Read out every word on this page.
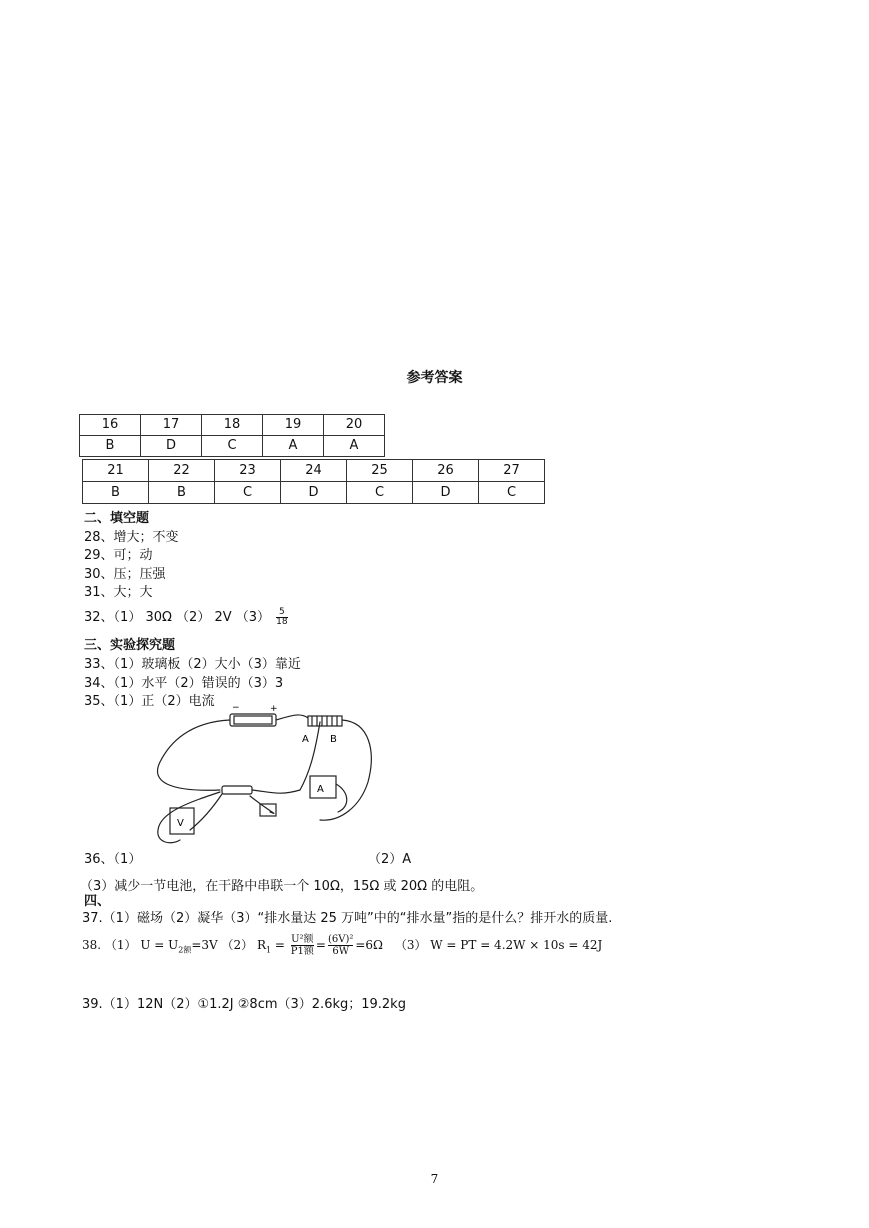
参考答案
16	17	18	19	20
B	D	C	A	A
21	22	23	24	25	26	27
B	B	C	D	C	D	C
二、填空题
28、增大；不变
29、可；动
30、压；压强
31、大；大
32、（1） 30Ω （2） 2V $(3) \frac{5}{18}$
三、实验探究题
33、（1）玻璃板（2）大小（3）靠近
34、（1）水平（2）错误的（3）3
35、（1）正（2）电流 −	+
A B
A
V
36、（1）	（2）A
（3）减少一节电池，在干路中串联一个 10Ω，15Ω 或 20Ω 的电阻。
四、
37.（1）磁场（2）凝华（3）“排水量达 25 万吨”中的“排水量”指的是什么？排开水的质量.
38. （1） $U = U_{2额}=3V$ （2） $R_1 = \frac{\text{U²额}}{\text{P1额}} = \frac{\text{(6V)²}}{6W} =6\Omega$ （3） W = PT = 4.2W × 10s = 42J
39.（1）12N（2）①1.2J ②8cm（3）2.6kg；19.2kg
7
